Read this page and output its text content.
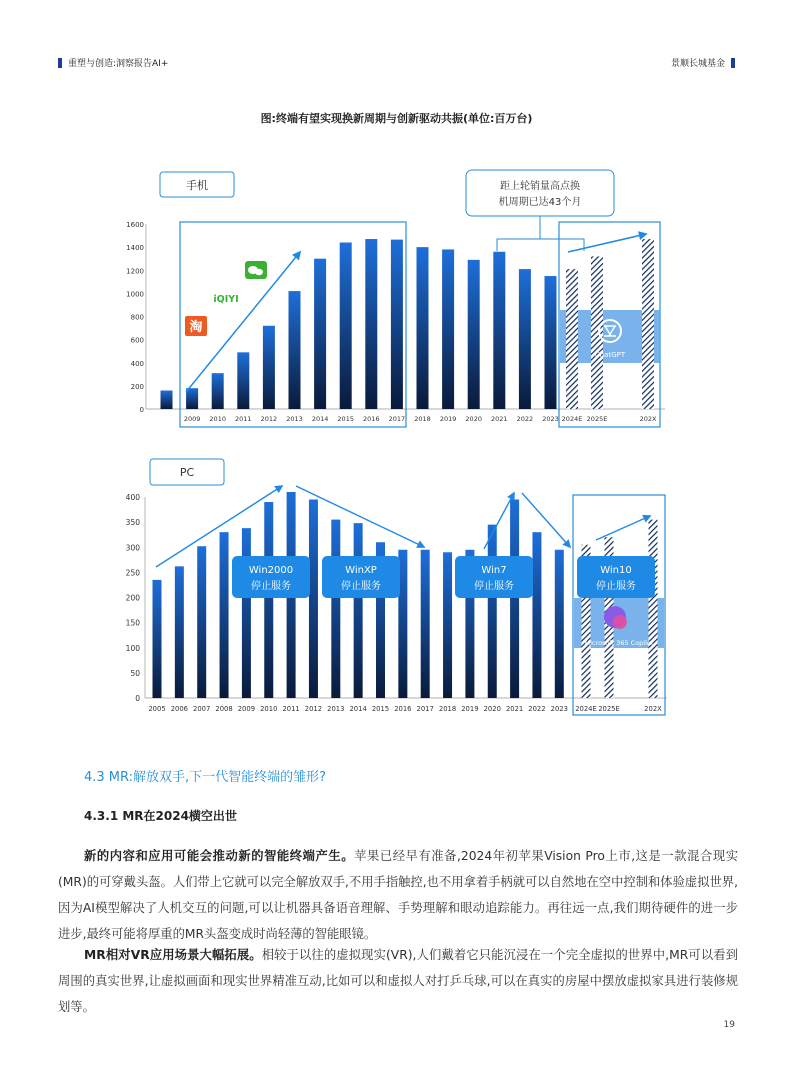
重塑与创造:洞察报告AI+	景顺长城基金
图:终端有望实现换新周期与创新驱动共振(单位:百万台)
手机
0
200
400
600
800
1000
1200
1400
1600
2009 2010 2011 2012 2013 2014 2015 2016 2017 2018 2019 2020 2021 2022 2023 2024E 2025E	202X
ChatGPT
iQIYI
淘
距上轮销量高点换
机周期已达43个月
PC
0
50
100
150
200
250
300
350
400
2005 2006 2007 2008 2009 2010 2011 2012 2013 2014 2015 2016 2017 2018 2019 2020 2021 2022 2023 2024E 2025E	202X
Microsoft 365 Copilot
Win2000
停止服务
WinXP
停止服务
Win7
停止服务
Win10
停止服务
4.3 MR:解放双手,下一代智能终端的雏形?
4.3.1 MR在2024横空出世
新的内容和应用可能会推动新的智能终端产生。苹果已经早有准备,2024年初苹果Vision Pro上市,这是一款混合现实(MR)的可穿戴头盔。人们带上它就可以完全解放双手,不用手指触控,也不用拿着手柄就可以自然地在空中控制和体验虚拟世界,因为AI模型解决了人机交互的问题,可以让机器具备语音理解、手势理解和眼动追踪能力。再往远一点,我们期待硬件的进一步进步,最终可能将厚重的MR头盔变成时尚轻薄的智能眼镜。
MR相对VR应用场景大幅拓展。相较于以往的虚拟现实(VR),人们戴着它只能沉浸在一个完全虚拟的世界中,MR可以看到周围的真实世界,让虚拟画面和现实世界精准互动,比如可以和虚拟人对打乒乓球,可以在真实的房屋中摆放虚拟家具进行装修规划等。
19
